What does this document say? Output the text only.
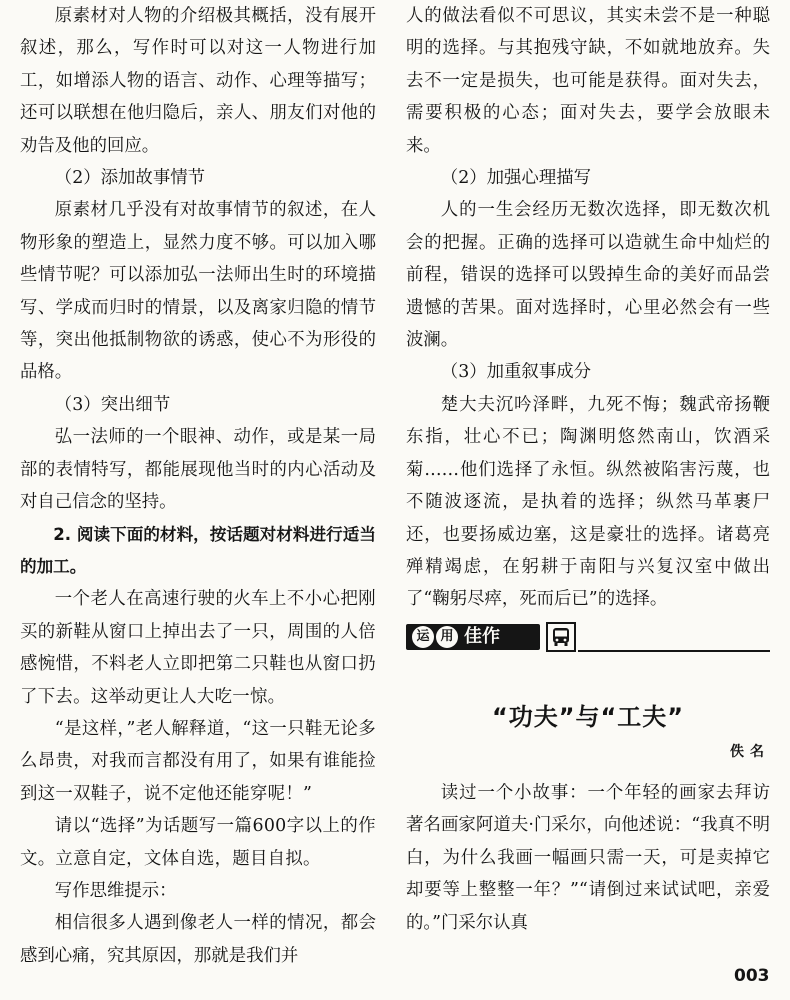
原素材对人物的介绍极其概括，没有展开叙述，那么，写作时可以对这一人物进行加工，如增添人物的语言、动作、心理等描写；还可以联想在他归隐后，亲人、朋友们对他的劝告及他的回应。

（2）添加故事情节

原素材几乎没有对故事情节的叙述，在人物形象的塑造上，显然力度不够。可以加入哪些情节呢？可以添加弘一法师出生时的环境描写、学成而归时的情景，以及离家归隐的情节等，突出他抵制物欲的诱惑，使心不为形役的品格。

（3）突出细节

弘一法师的一个眼神、动作，或是某一局部的表情特写，都能展现他当时的内心活动及对自己信念的坚持。

2. 阅读下面的材料，按话题对材料进行适当的加工。

一个老人在高速行驶的火车上不小心把刚买的新鞋从窗口上掉出去了一只，周围的人倍感惋惜，不料老人立即把第二只鞋也从窗口扔了下去。这举动更让人大吃一惊。

“是这样，”老人解释道，“这一只鞋无论多么昂贵，对我而言都没有用了，如果有谁能捡到这一双鞋子，说不定他还能穿呢！”

请以“选择”为话题写一篇600字以上的作文。立意自定，文体自选，题目自拟。

写作思维提示：

相信很多人遇到像老人一样的情况，都会感到心痛，究其原因，那就是我们并

人的做法看似不可思议，其实未尝不是一种聪明的选择。与其抱残守缺，不如就地放弃。失去不一定是损失，也可能是获得。面对失去，需要积极的心态；面对失去，要学会放眼未来。

（2）加强心理描写

人的一生会经历无数次选择，即无数次机会的把握。正确的选择可以造就生命中灿烂的前程，错误的选择可以毁掉生命的美好而品尝遗憾的苦果。面对选择时，心里必然会有一些波澜。

（3）加重叙事成分

楚大夫沉吟泽畔，九死不悔；魏武帝扬鞭东指，壮心不已；陶渊明悠然南山，饮酒采菊……他们选择了永恒。纵然被陷害污蔑，也不随波逐流，是执着的选择；纵然马革裹尸还，也要扬威边塞，这是豪壮的选择。诸葛亮殚精竭虑，在躬耕于南阳与兴复汉室中做出了“鞠躬尽瘁，死而后已”的选择。

运 用 佳作
“功夫”与“工夫”
佚名

读过一个小故事：一个年轻的画家去拜访著名画家阿道夫·门采尔，向他述说：“我真不明白，为什么我画一幅画只需一天，可是卖掉它却要等上整整一年？”“请倒过来试试吧，亲爱的。”门采尔认真

003
